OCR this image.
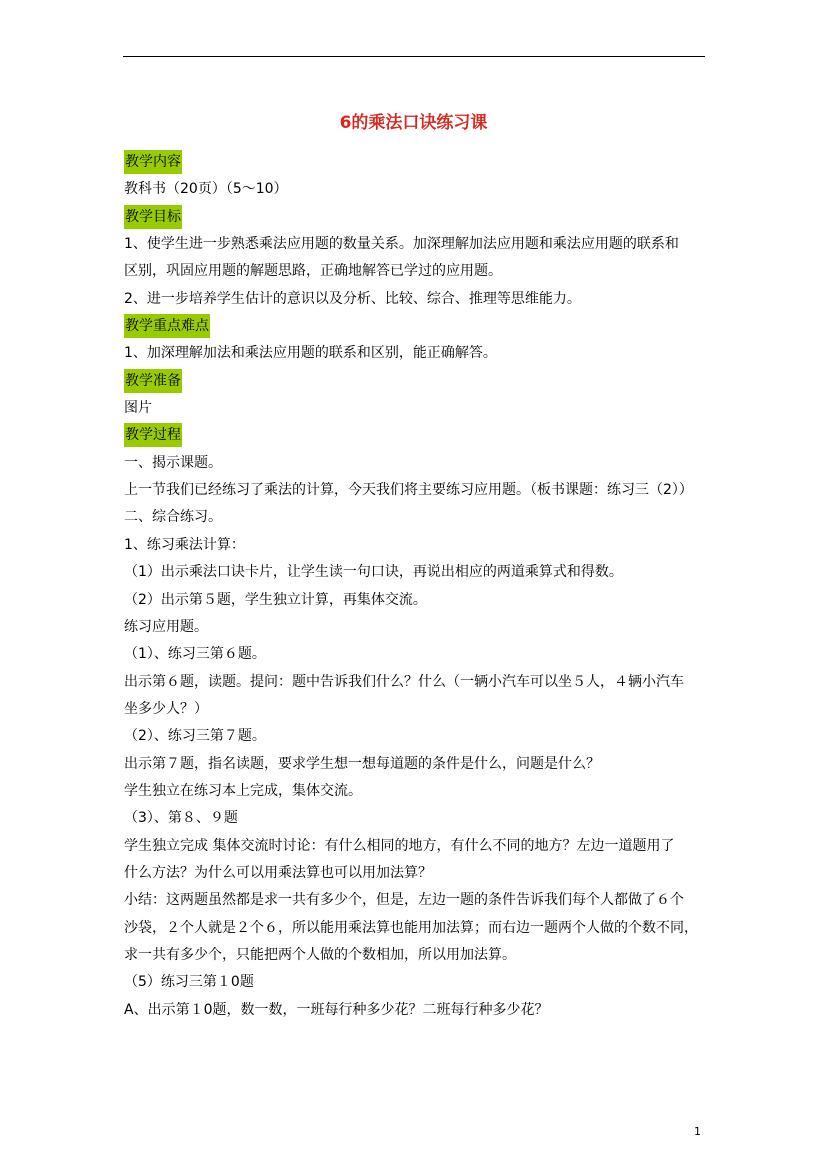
6的乘法口诀练习课
教学内容

教科书（20页）（5～10）

教学目标

1、使学生进一步熟悉乘法应用题的数量关系。加深理解加法应用题和乘法应用题的联系和

区别，巩固应用题的解题思路，正确地解答已学过的应用题。

2、进一步培养学生估计的意识以及分析、比较、综合、推理等思维能力。

教学重点难点

1、加深理解加法和乘法应用题的联系和区别，能正确解答。

教学准备

图片

教学过程

一、揭示课题。

上一节我们已经练习了乘法的计算，今天我们将主要练习应用题。（板书课题：练习三（2））

二、综合练习。

1、练习乘法计算：

（1）出示乘法口诀卡片，让学生读一句口诀，再说出相应的两道乘算式和得数。

（2）出示第５题，学生独立计算，再集体交流。

练习应用题。

（1）、练习三第６题。

出示第６题，读题。提问：题中告诉我们什么？什么（一辆小汽车可以坐５人，４辆小汽车

坐多少人？）

（2）、练习三第７题。

出示第７题，指名读题，要求学生想一想每道题的条件是什么，问题是什么？

学生独立在练习本上完成，集体交流。

（3）、第８、９题

学生独立完成 集体交流时讨论：有什么相同的地方，有什么不同的地方？左边一道题用了

什么方法？为什么可以用乘法算也可以用加法算？

小结：这两题虽然都是求一共有多少个，但是，左边一题的条件告诉我们每个人都做了６个

沙袋，２个人就是２个６，所以能用乘法算也能用加法算；而右边一题两个人做的个数不同，

求一共有多少个，只能把两个人做的个数相加，所以用加法算。

（5）练习三第１0题

A、出示第１0题，数一数，一班每行种多少花？二班每行种多少花？

1
